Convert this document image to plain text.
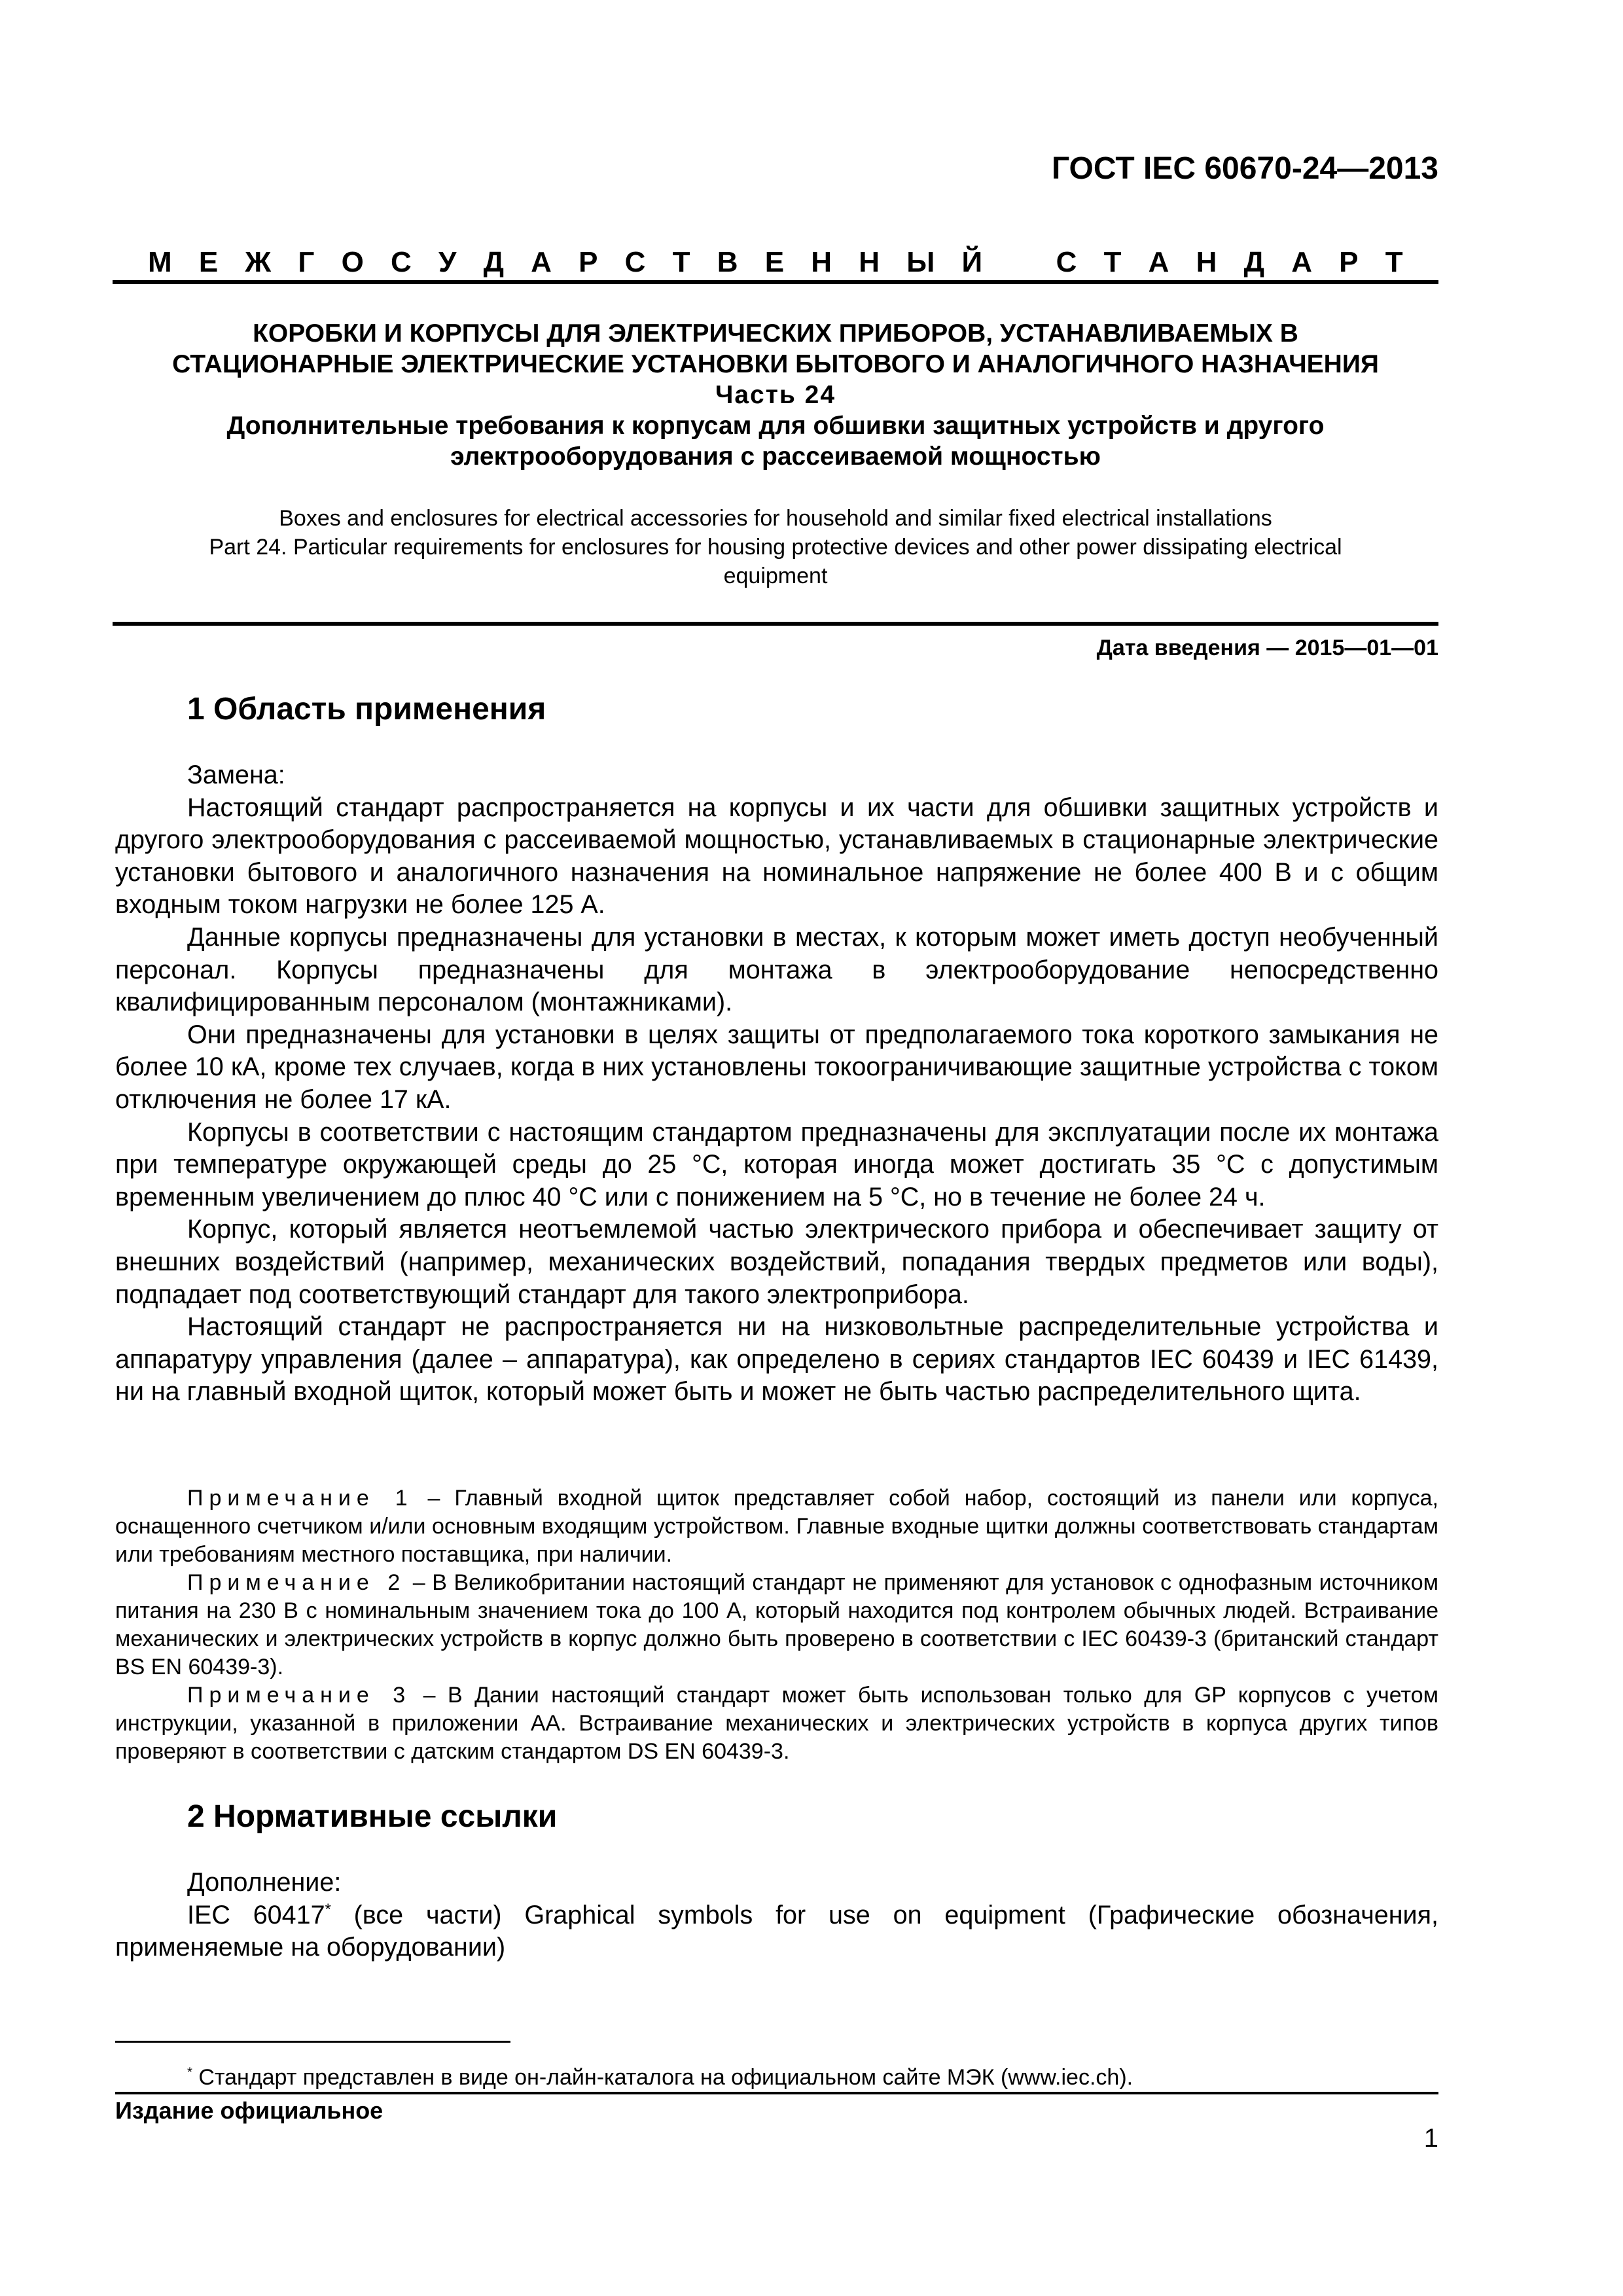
ГОСТ IEC 60670-24—2013
М Е Ж Г О С У Д А Р С Т В Е Н Н Ы Й	С Т А Н Д А Р Т
КОРОБКИ И КОРПУСЫ ДЛЯ ЭЛЕКТРИЧЕСКИХ ПРИБОРОВ, УСТАНАВЛИВАЕМЫХ В
СТАЦИОНАРНЫЕ ЭЛЕКТРИЧЕСКИЕ УСТАНОВКИ БЫТОВОГО И АНАЛОГИЧНОГО НАЗНАЧЕНИЯ
Часть 24
Дополнительные требования к корпусам для обшивки защитных устройств и другого
электрооборудования с рассеиваемой мощностью
Boxes and enclosures for electrical accessories for household and similar fixed electrical installations
Part 24. Particular requirements for enclosures for housing protective devices and other power dissipating electrical
equipment
Дата введения — 2015—01—01
1 Область применения

Замена:

Настоящий стандарт распространяется на корпусы и их части для обшивки защитных устройств и другого электрооборудования с рассеиваемой мощностью, устанавливаемых в стационарные электрические установки бытового и аналогичного назначения на номинальное напряжение не более 400 В и с общим входным током нагрузки не более 125 А.

Данные корпусы предназначены для установки в местах, к которым может иметь доступ необученный персонал. Корпусы предназначены для монтажа в электрооборудование непосредственно квалифицированным персоналом (монтажниками).

Они предназначены для установки в целях защиты от предполагаемого тока короткого замыкания не более 10 кА, кроме тех случаев, когда в них установлены токоограничивающие защитные устройства с током отключения не более 17 кА.

Корпусы в соответствии с настоящим стандартом предназначены для эксплуатации после их монтажа при температуре окружающей среды до 25 °С, которая иногда может достигать 35 °С с допустимым временным увеличением до плюс 40 °С или с понижением на 5 °С, но в течение не более 24 ч.

Корпус, который является неотъемлемой частью электрического прибора и обеспечивает защиту от внешних воздействий (например, механических воздействий, попадания твердых предметов или воды), подпадает под соответствующий стандарт для такого электроприбора.

Настоящий стандарт не распространяется ни на низковольтные распределительные устройства и аппаратуру управления (далее – аппаратура), как определено в сериях стандартов IEC 60439 и IEC 61439, ни на главный входной щиток, который может быть и может не быть частью распределительного щита.

Примечание 1 – Главный входной щиток представляет собой набор, состоящий из панели или корпуса, оснащенного счетчиком и/или основным входящим устройством. Главные входные щитки должны соответствовать стандартам или требованиям местного поставщика, при наличии.

Примечание 2 – В Великобритании настоящий стандарт не применяют для установок с однофазным источником питания на 230 В с номинальным значением тока до 100 А, который находится под контролем обычных людей. Встраивание механических и электрических устройств в корпус должно быть проверено в соответствии с IEC 60439-3 (британский стандарт BS EN 60439-3).

Примечание 3 – В Дании настоящий стандарт может быть использован только для GP корпусов с учетом инструкции, указанной в приложении АА. Встраивание механических и электрических устройств в корпуса других типов проверяют в соответствии с датским стандартом DS EN 60439-3.

2 Нормативные ссылки

Дополнение:

IEC 60417* (все части) Graphical symbols for use on equipment (Графические обозначения, применяемые на оборудовании)

* Стандарт представлен в виде он-лайн-каталога на официальном сайте МЭК (www.iec.ch).

Издание официальное
1
